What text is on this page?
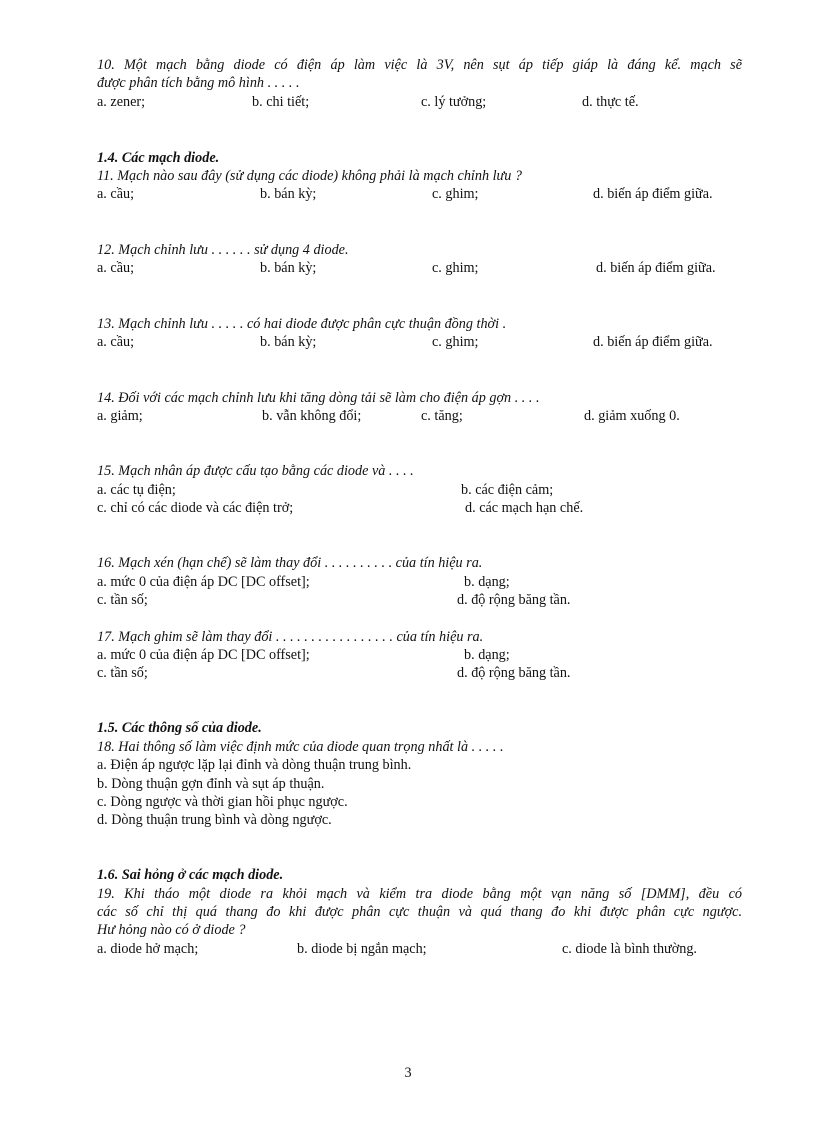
10. Một mạch bằng diode có điện áp làm việc là 3V, nên sụt áp tiếp giáp là đáng kể. mạch sẽ
được phân tích bằng mô hình . . . . .
a. zener;	b. chi tiết;	c. lý tưởng;	d. thực tế.
1.4. Các mạch diode.
11. Mạch nào sau đây (sử dụng các diode) không phải là mạch chỉnh lưu ?
a. cầu;	b. bán kỳ;	c. ghim;	d. biến áp điểm giữa.
12. Mạch chỉnh lưu . . . . . . sử dụng 4 diode.
a. cầu;	b. bán kỳ;	c. ghim;	d. biến áp điểm giữa.
13. Mạch chỉnh lưu . . . . . có hai diode được phân cực thuận đồng thời .
a. cầu;	b. bán kỳ;	c. ghim;	d. biến áp điểm giữa.
14. Đối với các mạch chỉnh lưu khi tăng dòng tải sẽ làm cho điện áp gợn . . . .
a. giảm;	b. vẫn không đổi;	c. tăng;	d. giảm xuống 0.
15. Mạch nhân áp được cấu tạo bằng các diode và . . . .
a. các tụ điện;	b. các điện cảm;
c. chỉ có các diode và các điện trở;	d. các mạch hạn chế.
16. Mạch xén (hạn chế) sẽ làm thay đổi . . . . . . . . . . của tín hiệu ra.
a. mức 0 của điện áp DC [DC offset];	b. dạng;
c. tần số;	d. độ rộng băng tần.
17. Mạch ghim sẽ làm thay đổi . . . . . . . . . . . . . . . . . của tín hiệu ra.
a. mức 0 của điện áp DC [DC offset];	b. dạng;
c. tần số;	d. độ rộng băng tần.
1.5. Các thông số của diode.
18. Hai thông số làm việc định mức của diode quan trọng nhất là . . . . .
a. Điện áp ngược lặp lại đỉnh và dòng thuận trung bình.
b. Dòng thuận gợn đỉnh và sụt áp thuận.
c. Dòng ngược và thời gian hồi phục ngược.
d. Dòng thuận trung bình và dòng ngược.
1.6. Sai hỏng ở các mạch diode.
19. Khi tháo một diode ra khỏi mạch và kiểm tra diode bằng một vạn năng số [DMM], đều có
các số chỉ thị quá thang đo khi được phân cực thuận và quá thang đo khi được phân cực ngược.
Hư hỏng nào có ở diode ?
a. diode hở mạch;	b. diode bị ngắn mạch;	c. diode là bình thường.
3
